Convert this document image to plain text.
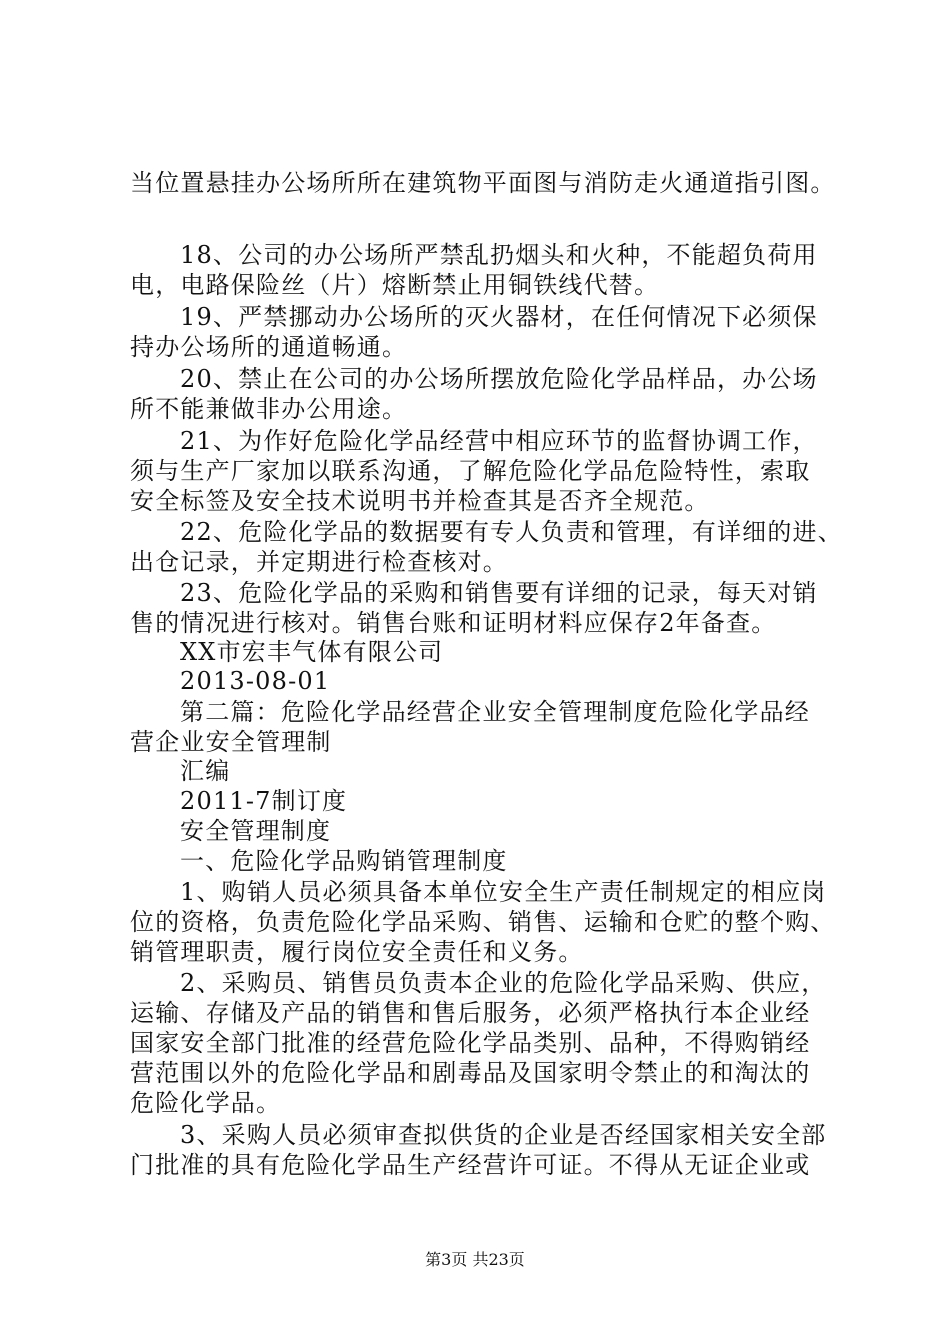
当位置悬挂办公场所所在建筑物平面图与消防走火通道指引图。
18、公司的办公场所严禁乱扔烟头和火种，不能超负荷用
电，电路保险丝（片）熔断禁止用铜铁线代替。
19、严禁挪动办公场所的灭火器材，在任何情况下必须保
持办公场所的通道畅通。
20、禁止在公司的办公场所摆放危险化学品样品，办公场
所不能兼做非办公用途。
21、为作好危险化学品经营中相应环节的监督协调工作，
须与生产厂家加以联系沟通，了解危险化学品危险特性，索取
安全标签及安全技术说明书并检查其是否齐全规范。
22、危险化学品的数据要有专人负责和管理，有详细的进、
出仓记录，并定期进行检查核对。
23、危险化学品的采购和销售要有详细的记录，每天对销
售的情况进行核对。销售台账和证明材料应保存2年备查。
XX市宏丰气体有限公司
2013-08-01
第二篇：危险化学品经营企业安全管理制度危险化学品经
营企业安全管理制
汇编
2011-7制订度
安全管理制度
一、危险化学品购销管理制度
1、购销人员必须具备本单位安全生产责任制规定的相应岗
位的资格，负责危险化学品采购、销售、运输和仓贮的整个购、
销管理职责，履行岗位安全责任和义务。
2、采购员、销售员负责本企业的危险化学品采购、供应，
运输、存储及产品的销售和售后服务，必须严格执行本企业经
国家安全部门批准的经营危险化学品类别、品种，不得购销经
营范围以外的危险化学品和剧毒品及国家明令禁止的和淘汰的
危险化学品。
3、采购人员必须审查拟供货的企业是否经国家相关安全部
门批准的具有危险化学品生产经营许可证。不得从无证企业或
第3页 共23页
